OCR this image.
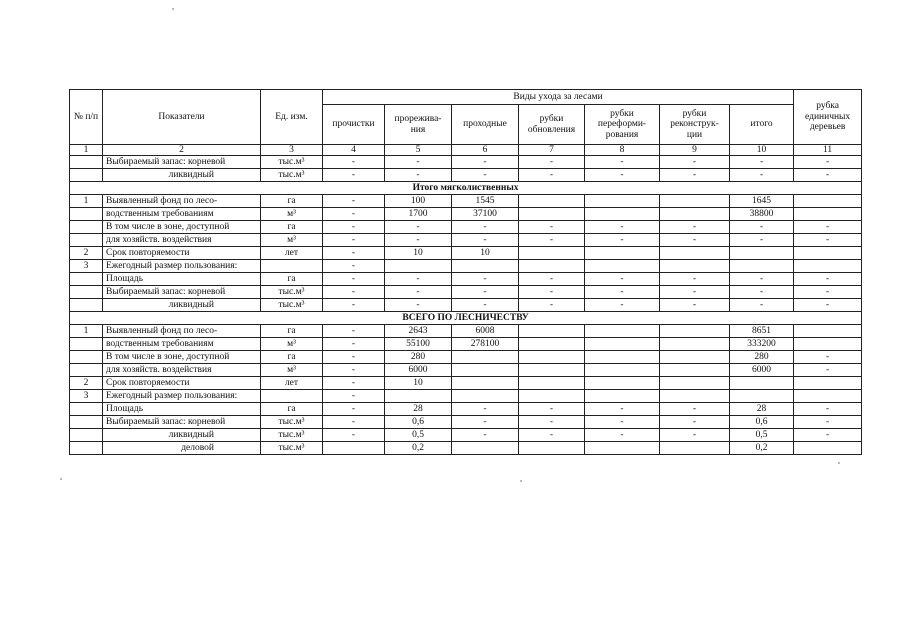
№ п/п	Показатели	Ед. изм.	Виды ухода за лесами							рубка единичных деревьев
			прочистки	прорежива-ния	проходные	рубки обновления	рубки переформи-рования	рубки реконструк-ции	итого	
1	2	3	4	5	6	7	8	9	10	11
	Выбираемый запас: корневой	тыс.м³	-	-	-	-	-	-	-	-
	ликвидный	тыс.м³	-	-	-	-	-	-	-	-
Итого мягколиственных										
1	Выявленный фонд по лесо-	га	-	100	1545				1645	
	водственным требованиям	м³	-	1700	37100				38800	
	В том числе в зоне, доступной	га	-	-	-	-	-	-	-	-
	для хозяйств. воздействия	м³	-	-	-	-	-	-	-	-
2	Срок повторяемости	лет	-	10	10					
3	Ежегодный размер пользования:		-							
	Площадь	га	-	-	-	-	-	-	-	-
	Выбираемый запас: корневой	тыс.м³	-	-	-	-	-	-	-	-
	ликвидный	тыс.м³	-	-	-	-	-	-	-	-
ВСЕГО ПО ЛЕСНИЧЕСТВУ										
1	Выявленный фонд по лесо-	га	-	2643	6008				8651	
	водственным требованиям	м³	-	55100	278100				333200	
	В том числе в зоне, доступной	га	-	280					280	-
	для хозяйств. воздействия	м³	-	6000					6000	-
2	Срок повторяемости	лет	-	10						
3	Ежегодный размер пользования:		-							
	Площадь	га	-	28	-	-	-	-	28	-
	Выбираемый запас: корневой	тыс.м³	-	0,6	-	-	-	-	0,6	-
	ликвидный	тыс.м³	-	0,5	-	-	-	-	0,5	-
	деловой	тыс.м³		0,2					0,2	
